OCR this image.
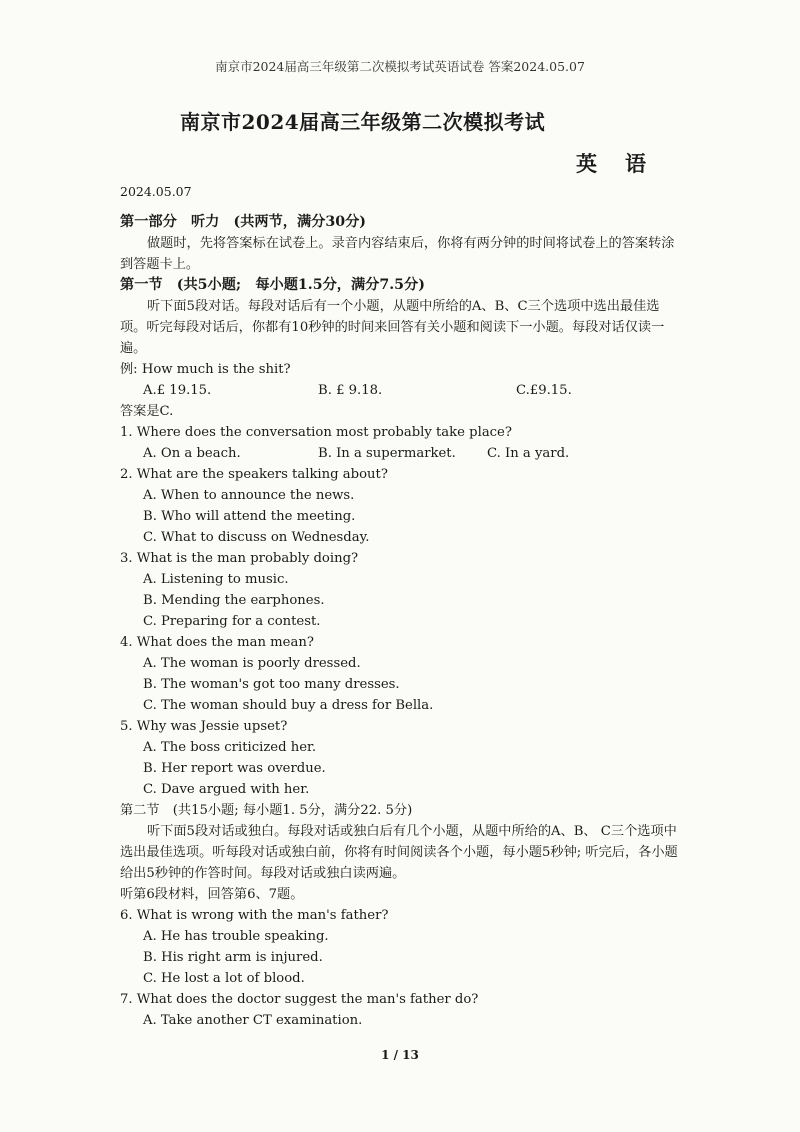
南京市2024届高三年级第二次模拟考试英语试卷 答案2024.05.07
南京市2024届高三年级第二次模拟考试
英语
2024.05.07

第一部分　听力　(共两节，满分30分)

做题时，先将答案标在试卷上。录音内容结束后，你将有两分钟的时间将试卷上的答案转涂到答题卡上。

第一节　(共5小题;　每小题1.5分，满分7.5分)

听下面5段对话。每段对话后有一个小题，从题中所给的A、B、C三个选项中选出最佳选项。听完每段对话后，你都有10秒钟的时间来回答有关小题和阅读下一小题。每段对话仅读一遍。

例: How much is the shit?

A.£ 19.15.	B. £ 9.18.	C.£9.15.

答案是C.

1. Where does the conversation most probably take place?

A. On a beach.	B. In a supermarket. C. In a yard.

2. What are the speakers talking about?

A. When to announce the news.

B. Who will attend the meeting.

C. What to discuss on Wednesday.

3. What is the man probably doing?

A. Listening to music.

B. Mending the earphones.

C. Preparing for a contest.

4. What does the man mean?

A. The woman is poorly dressed.

B. The woman's got too many dresses.

C. The woman should buy a dress for Bella.

5. Why was Jessie upset?

A. The boss criticized her.

B. Her report was overdue.

C. Dave argued with her.

第二节　(共15小题; 每小题1. 5分，满分22. 5分)

听下面5段对话或独白。每段对话或独白后有几个小题，从题中所给的A、B、 C三个选项中选出最佳选项。听每段对话或独白前，你将有时间阅读各个小题，每小题5秒钟; 听完后，各小题给出5秒钟的作答时间。每段对话或独白读两遍。

听第6段材料，回答第6、7题。

6. What is wrong with the man's father?

A. He has trouble speaking.

B. His right arm is injured.

C. He lost a lot of blood.

7. What does the doctor suggest the man's father do?

A. Take another CT examination.

1 / 13
